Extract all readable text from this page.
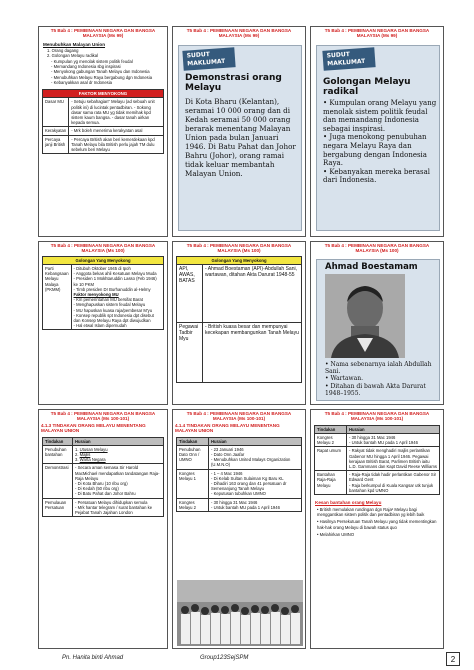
T5 Bab 4 : PEMBINAAN NEGARA DAN BANGSA MALAYSIA (Ms 99)
Menubuhkan Malayan Union
1. Orang dagang
2. Golongan Melayu radikal
- Kumpulan yg menolak sistem politik feudal
- Memandang Indonesia sbg inspirasi
- Menyokong gabungan Tanah Melayu dan Indonesia
- Menubuhkan Melayu Raya bergabung dgn Indonesia
- Kebanyakkan asal dr Indonesia
FAKTOR MENYOKONG	
Dasar MU	- Setuju sebahagian" Melayu (ad sebuah unit politik ini) di lucintak pentadbiran. - Sokong dasar sama rata MU yg tidak memihak kpd sistem kaum bangsa. - dasar tanah airkan kepada semua.
Kerakyatan	- Mrk boleh menerima kerakyatan asal
Percaya janji British	- Percaya British akan beri kemerdekaan kpd Tanah Melayu bila British perlu jajah TM dulu sebelum beri Melayu
T5 Bab 4 : PEMBINAAN NEGARA DAN BANGSA MALAYSIA (Ms 99)
SUDUT MAKLUMAT
Demonstrasi orang Melayu
Di Kota Bharu (Kelantan), seramai 10 000 orang dan di Kedah seramai 50 000 orang berarak menentang Malayan Union pada bulan Januari 1946. Di Batu Pahat dan Johor Bahru (Johor), orang ramai tidak keluar membantah Malayan Union.
T5 Bab 4 : PEMBINAAN NEGARA DAN BANGSA MALAYSIA (Ms 99)
SUDUT MAKLUMAT
Golongan Melayu radikal
• Kumpulan orang Melayu yang menolak sistem politik feudal dan memandang Indonesia sebagai inspirasi.
• Juga menokong penubuhan negara Melayu Raya dan bergabung dengan Indonesia Raya.
• Kebanyakan mereka berasal dari Indonesia.
T5 Bab 4 : PEMBINAAN NEGARA DAN BANGSA MALAYSIA (Ms 100)
Golongan Yang Menyokong
Parti Kebangsaan Melayu Malaya (PKMM)	
- Ditubuh Oktober 1945 di Ipoh
- Anggota bekas ahli Kesatuan Melayu Muda
- Presiden 1 Mokhtaruddin Lasso (Feb 1946) ke 10 PKM
- Timb presiden Dr Burhanuddin al-Helmy
Faktor menyokong MU
- Km pemerintahan MU bersifat Barat
- Menghapuskan sistem feudal Melayu
- MU hapuskan kuasa raja/pembesar M'yu
- Konsep republik spt Indonesia dpt disebut dan Konsep Melayu Raya dpt diwujudkan
- Hal etwal Islam dipernudah
T5 Bab 4 : PEMBINAAN NEGARA DAN BANGSA MALAYSIA (Ms 100)
Golongan Yang Menyokong	
API, AWAS, BATAS	- Ahmad Boestaman (API)-Abdullah Sani, wartawan, ditahan Akta Darurat 1948-55
Pegawai Tadbir Myu	- British kuasa besar dan mempunyai kecekapan membangunkan Tanah Melayu
T5 Bab 4 : PEMBINAAN NEGARA DAN BANGSA MALAYSIA (Ms 100)
Ahmad Boestamam
• Nama sebenarnya ialah Abdullah Sani.
• Wartawan.
• Ditahan di bawah Akta Darurat 1948–1955.
T5 Bab 4 : PEMBINAAN NEGARA DAN BANGSA MALAYSIA (Ms 100-101)
4.1.3 TINDAKAN ORANG MELAYU MENENTANG MALAYAN UNION
Tindakan	Huraian
Penubuhan bantahan	1. Utusan Melayu
2. Majlis
3. Warta Negara

Demonstrasi	- Secara aman semasa Sir Harold MacMichael mendapatkan tandatangan Raja-Raja Melayu
- Di Kota Bharu (10 ribu org)
- Di Kedah (50 ribu org)
- Di Batu Pahat dan Johor Bahru

Pemulauan Persatuan	- Persatuan Melayu dihidupkan semula
- Mrk hantar telegram / surat bantahan ke Pejabat Tanah Jajahan London
T5 Bab 4 : PEMBINAAN NEGARA DAN BANGSA MALAYSIA (Ms 100-101)
4.1.4 TINDAKAN ORANG MELAYU MENENTANG MALAYAN UNION
Tindakan	Huraian
Penubuhan Dato Onn / UMNO	- 23 Januari 1946
- Dato Onn Jaafar
- Menubuhkan United Malays Organization (U.M.N.O)

Kongres Melayu 1	- 1 – 4 Mac 1946
- Di Kelab Sultan Sulaiman Kg Baru KL
- Dihadiri 163 orang dan 41 persatuan dr Semenanjung Tanah Melayu
- Keputusan tubuhkan UMNO

Kongres Melayu 2	- 30 hingga 31 Mac 1946
- Untuk bantah MU pada 1 April 1946
T5 Bab 4 : PEMBINAAN NEGARA DAN BANGSA MALAYSIA (Ms 100-101)
Tindakan	Huraian
Kongres Melayu 2	- 30 hingga 31 Mac 1946
- Untuk bantah MU pada 1 April 1946

Rapat umum	- Rakyat tidak menghadiri majlis perlantikan Gabenor MU hingga 1 April 1946. Pegawai kerajaan British Barat, Parlimen British iaitu L.D. Gammans dan Kapt David Reese Williams

Bantahan Raja-Raja Melayu	- Raja-Raja tidak hadir perlantikan Gabenor Sir Edward Gent
- Raja berkumpul di Kuala Kangsar utk tunjuk bantahan kpd UMNO
Kesan bantahan orang Melayu
• British memulakan rundingan dgn Raja² Melayu bagi menggantikan sistem politik dan pentadbiran yg lebih baik
• Hasilnya Persekutuan Tanah Melayu yang tidak mementingkan hak-hak orang Melayu di bawah status quo
• Melahirkan UMNO
Pn. Hanita binti Ahmad	Group123SejSPM	2
